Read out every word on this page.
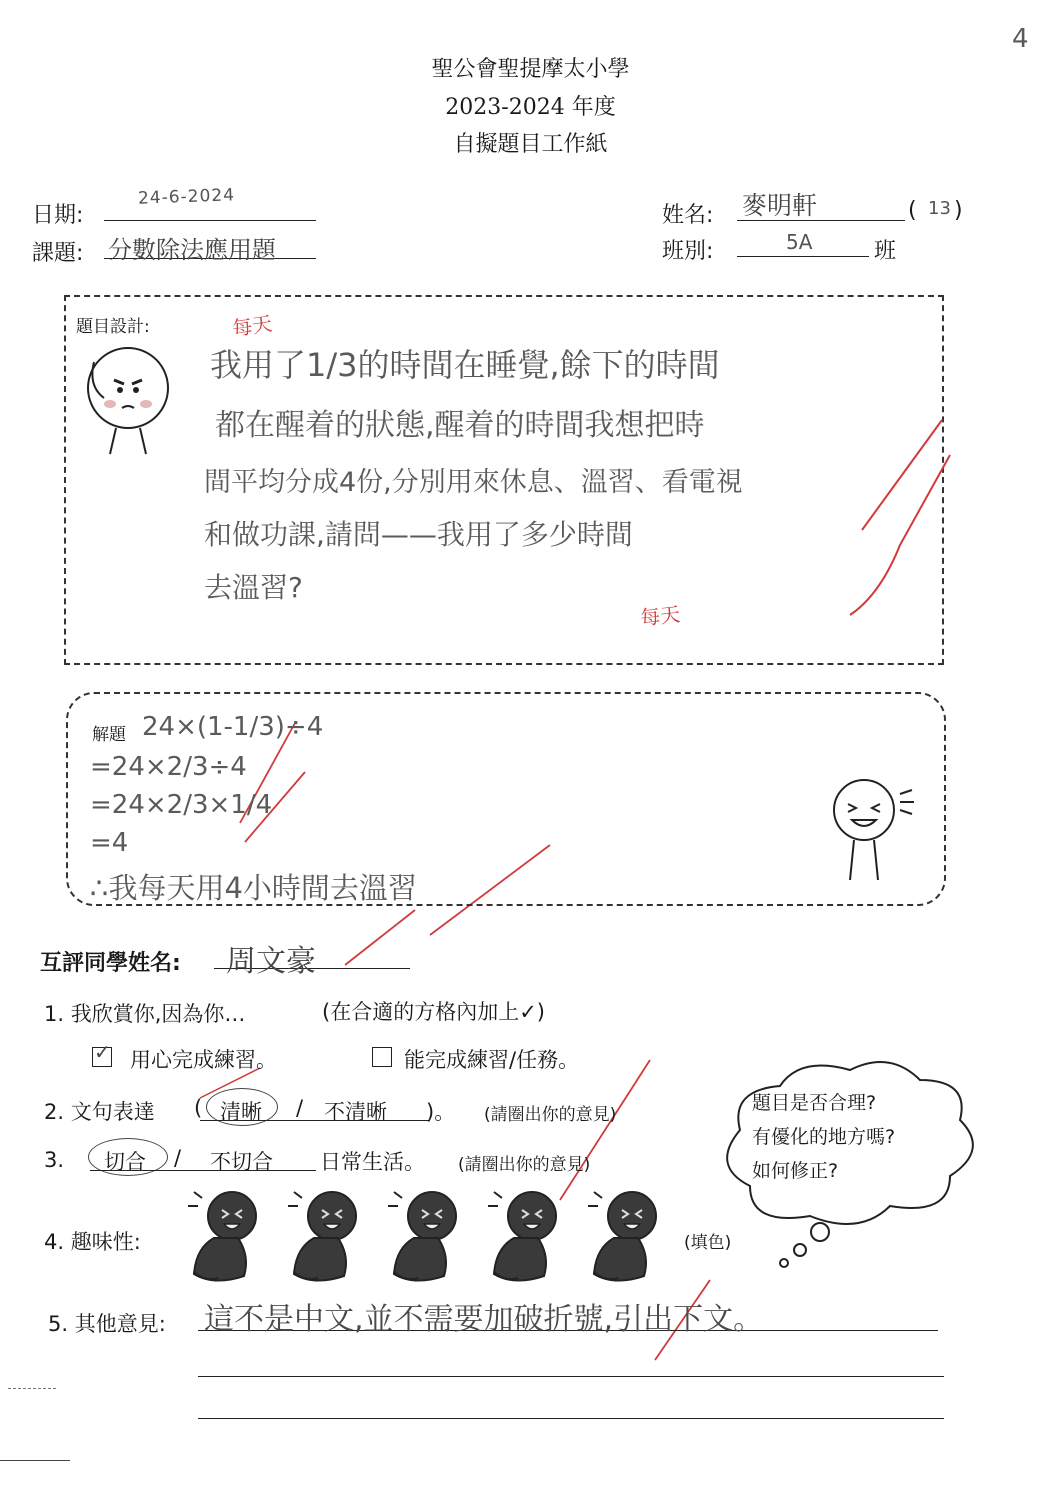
4
聖公會聖提摩太小學
2023-2024 年度
自擬題目工作紙
日期:
24-6-2024
課題: 分數除法應用題
姓名: 麥明軒	( 13 )
班別:	5A	班
題目設計:
我用了1/3的時間在睡覺,餘下的時間
都在醒着的狀態,醒着的時間我想把時
間平均分成4份,分別用來休息、溫習、看電視
和做功課,請問——我用了多少時間
去溫習?
每天
每天
解題 24×(1-1/3)÷4
=24×2/3÷4
=24×2/3×1/4
=4
∴我每天用4小時間去溫習
互評同學姓名: 周文豪
1. 我欣賞你,因為你…	(在合適的方格內加上✓)
✓ 用心完成練習。	能完成練習/任務。
2. 文句表達 ( 清晰 / 不清晰 )。 (請圈出你的意見)
3. 切合 / 不切合 日常生活。 (請圈出你的意見)
題目是否合理?
有優化的地方嗎?
如何修正?
4. 趣味性:	(填色)
5. 其他意見: 這不是中文,並不需要加破折號,引出下文。
